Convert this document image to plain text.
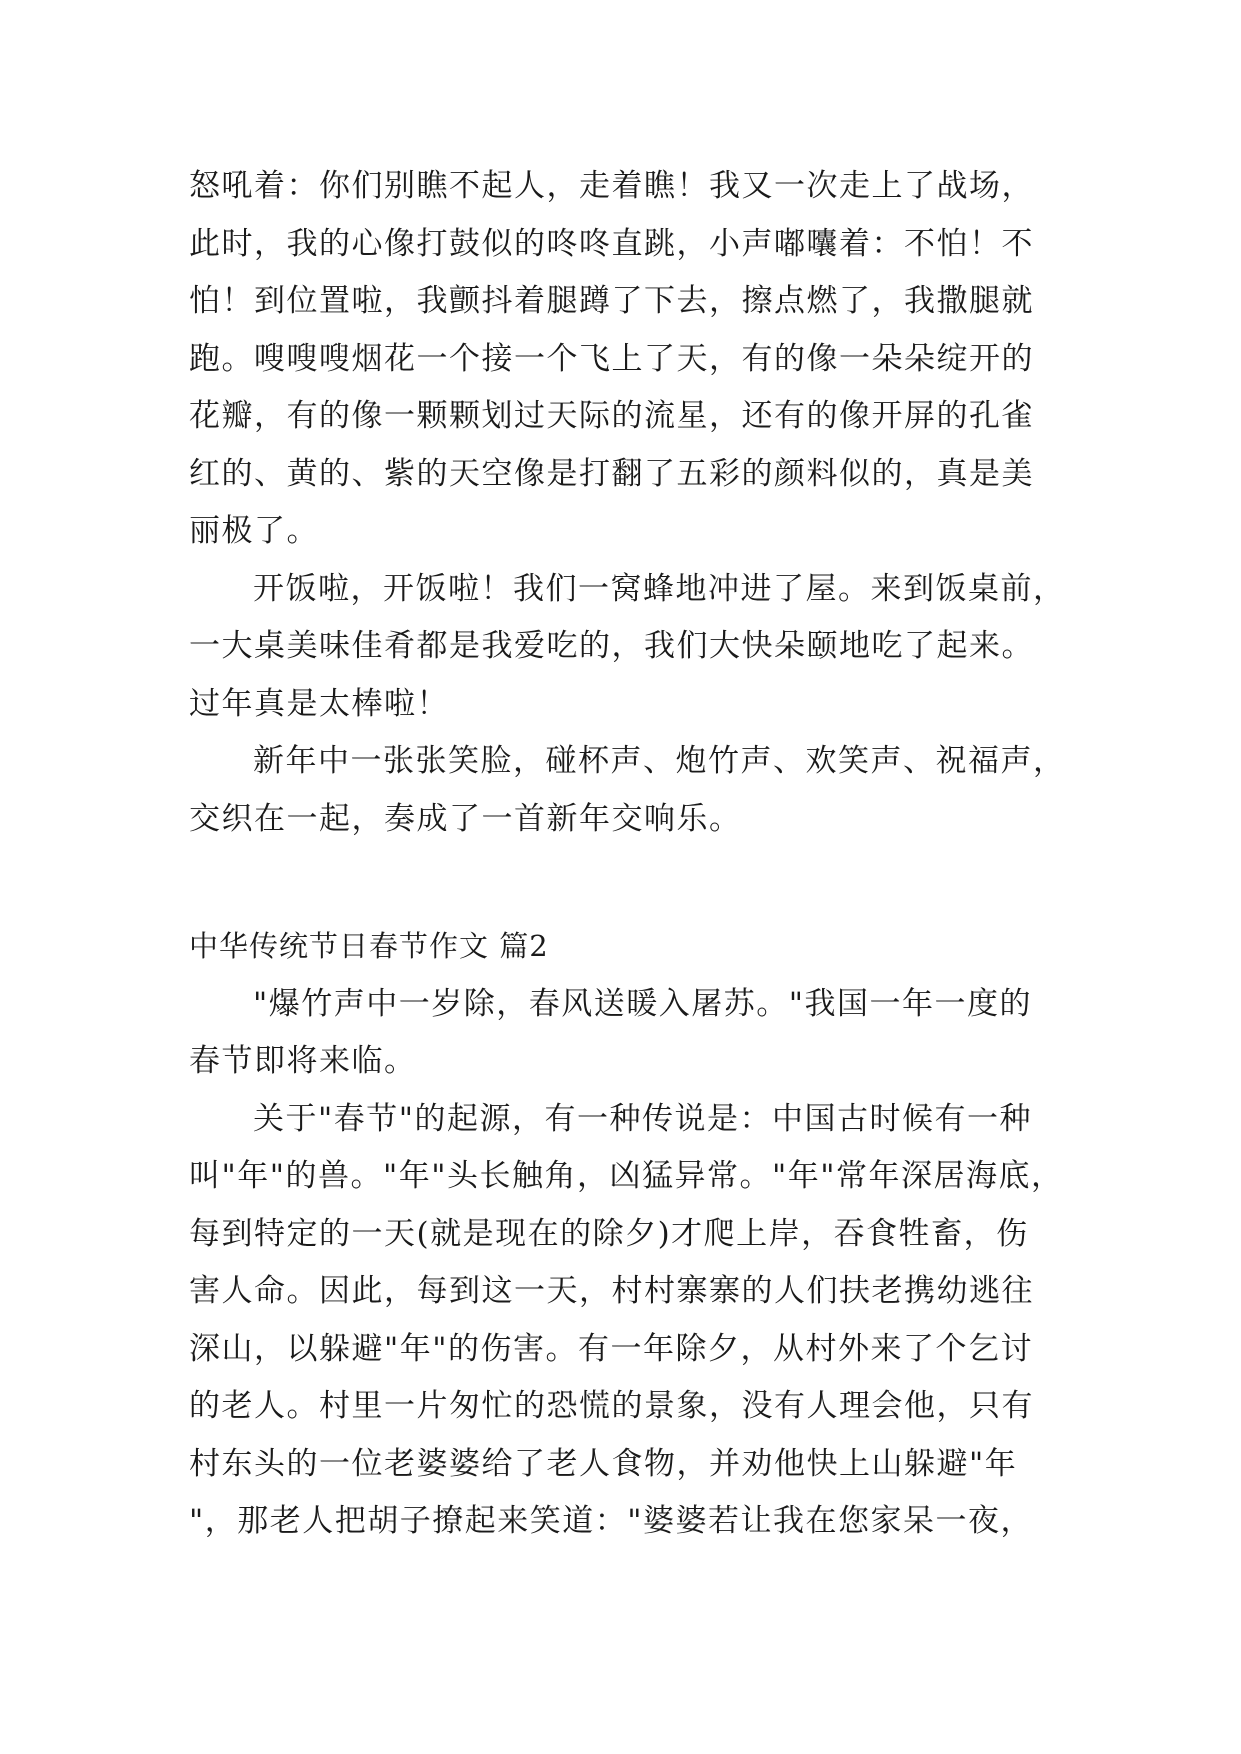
怒吼着：你们别瞧不起人，走着瞧！我又一次走上了战场，
此时，我的心像打鼓似的咚咚直跳，小声嘟囔着：不怕！不
怕！到位置啦，我颤抖着腿蹲了下去，擦点燃了，我撒腿就
跑。嗖嗖嗖烟花一个接一个飞上了天，有的像一朵朵绽开的
花瓣，有的像一颗颗划过天际的流星，还有的像开屏的孔雀
红的、黄的、紫的天空像是打翻了五彩的颜料似的，真是美
丽极了。
开饭啦，开饭啦！我们一窝蜂地冲进了屋。来到饭桌前，
一大桌美味佳肴都是我爱吃的，我们大快朵颐地吃了起来。
过年真是太棒啦！
新年中一张张笑脸，碰杯声、炮竹声、欢笑声、祝福声，
交织在一起，奏成了一首新年交响乐。
中华传统节日春节作文 篇2
"爆竹声中一岁除，春风送暖入屠苏。"我国一年一度的
春节即将来临。
关于"春节"的起源，有一种传说是：中国古时候有一种
叫"年"的兽。"年"头长触角，凶猛异常。"年"常年深居海底，
每到特定的一天(就是现在的除夕)才爬上岸，吞食牲畜，伤
害人命。因此，每到这一天，村村寨寨的人们扶老携幼逃往
深山，以躲避"年"的伤害。有一年除夕，从村外来了个乞讨
的老人。村里一片匆忙的恐慌的景象，没有人理会他，只有
村东头的一位老婆婆给了老人食物，并劝他快上山躲避"年
"，那老人把胡子撩起来笑道："婆婆若让我在您家呆一夜，
